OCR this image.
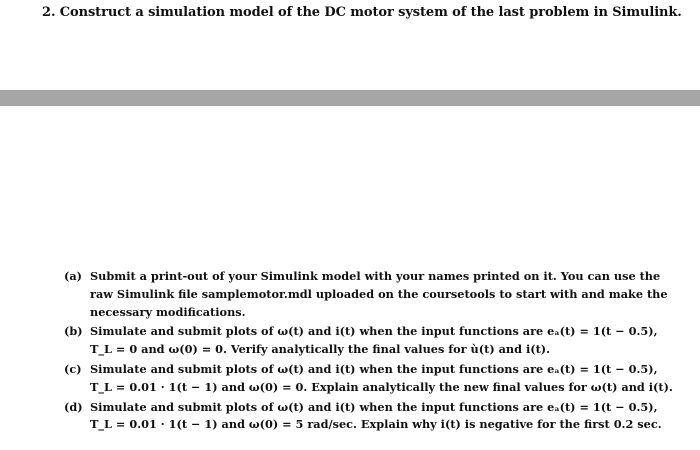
2. Construct a simulation model of the DC motor system of the last problem in Simulink.
(a) Submit a print-out of your Simulink model with your names printed on it. You can use the
raw Simulink file samplemotor.mdl uploaded on the coursetools to start with and make the
necessary modifications.
(b) Simulate and submit plots of ω(t) and i(t) when the input functions are eₐ(t) = 1(t − 0.5),
T_L = 0 and ω(0) = 0. Verify analytically the final values for ù(t) and i(t).
(c) Simulate and submit plots of ω(t) and i(t) when the input functions are eₐ(t) = 1(t − 0.5),
T_L = 0.01 · 1(t − 1) and ω(0) = 0. Explain analytically the new final values for ω(t) and i(t).
(d) Simulate and submit plots of ω(t) and i(t) when the input functions are eₐ(t) = 1(t − 0.5),
T_L = 0.01 · 1(t − 1) and ω(0) = 5 rad/sec. Explain why i(t) is negative for the first 0.2 sec.
